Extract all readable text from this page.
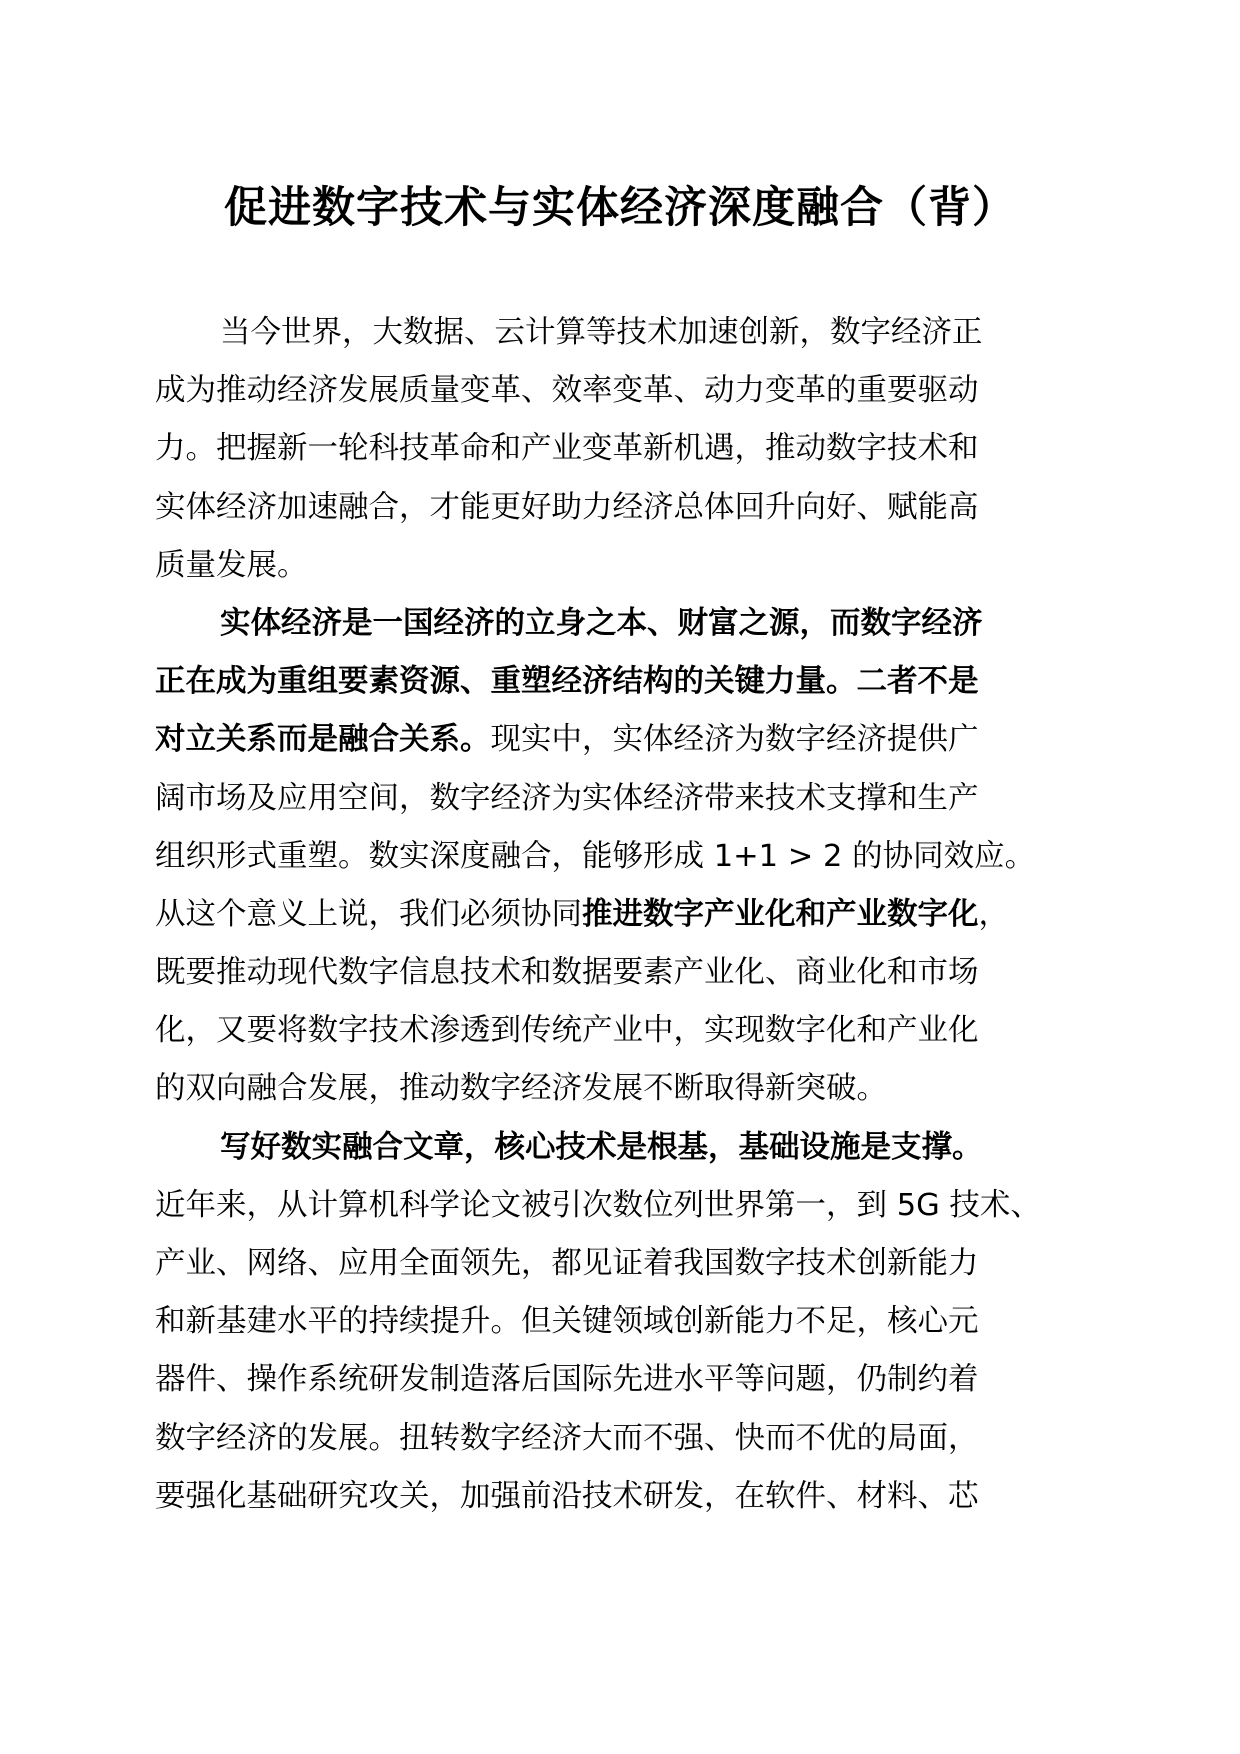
促进数字技术与实体经济深度融合（背）
当今世界，大数据、云计算等技术加速创新，数字经济正
成为推动经济发展质量变革、效率变革、动力变革的重要驱动
力。把握新一轮科技革命和产业变革新机遇，推动数字技术和
实体经济加速融合，才能更好助力经济总体回升向好、赋能高
质量发展。
实体经济是一国经济的立身之本、财富之源，而数字经济
正在成为重组要素资源、重塑经济结构的关键力量。二者不是
对立关系而是融合关系。现实中，实体经济为数字经济提供广
阔市场及应用空间，数字经济为实体经济带来技术支撑和生产
组织形式重塑。数实深度融合，能够形成 1+1 > 2 的协同效应。
从这个意义上说，我们必须协同推进数字产业化和产业数字化，
既要推动现代数字信息技术和数据要素产业化、商业化和市场
化，又要将数字技术渗透到传统产业中，实现数字化和产业化
的双向融合发展，推动数字经济发展不断取得新突破。
写好数实融合文章，核心技术是根基，基础设施是支撑。
近年来，从计算机科学论文被引次数位列世界第一，到 5G 技术、
产业、网络、应用全面领先，都见证着我国数字技术创新能力
和新基建水平的持续提升。但关键领域创新能力不足，核心元
器件、操作系统研发制造落后国际先进水平等问题，仍制约着
数字经济的发展。扭转数字经济大而不强、快而不优的局面，
要强化基础研究攻关，加强前沿技术研发，在软件、材料、芯
